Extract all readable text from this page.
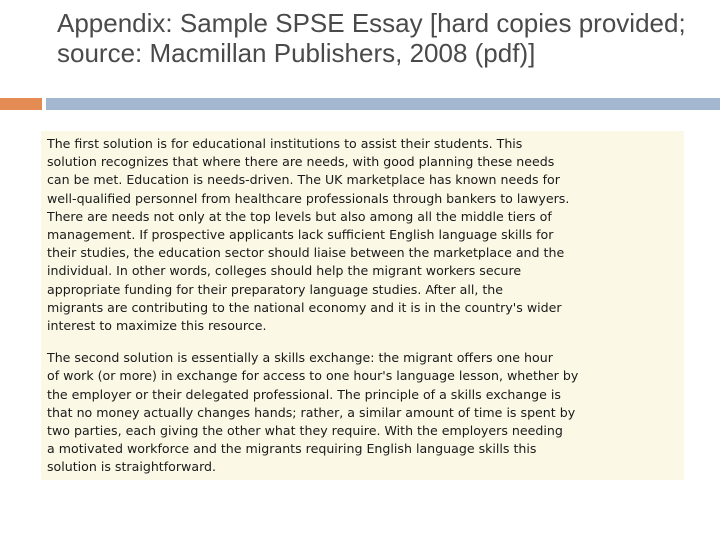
Appendix: Sample SPSE Essay [hard copies provided; source: Macmillan Publishers, 2008 (pdf)]

The first solution is for educational institutions to assist their students. This
solution recognizes that where there are needs, with good planning these needs
can be met. Education is needs-driven. The UK marketplace has known needs for
well-qualified personnel from healthcare professionals through bankers to lawyers.
There are needs not only at the top levels but also among all the middle tiers of
management. If prospective applicants lack sufficient English language skills for
their studies, the education sector should liaise between the marketplace and the
individual. In other words, colleges should help the migrant workers secure
appropriate funding for their preparatory language studies. After all, the
migrants are contributing to the national economy and it is in the country's wider
interest to maximize this resource.

The second solution is essentially a skills exchange: the migrant offers one hour
of work (or more) in exchange for access to one hour's language lesson, whether by
the employer or their delegated professional. The principle of a skills exchange is
that no money actually changes hands; rather, a similar amount of time is spent by
two parties, each giving the other what they require. With the employers needing
a motivated workforce and the migrants requiring English language skills this
solution is straightforward.
